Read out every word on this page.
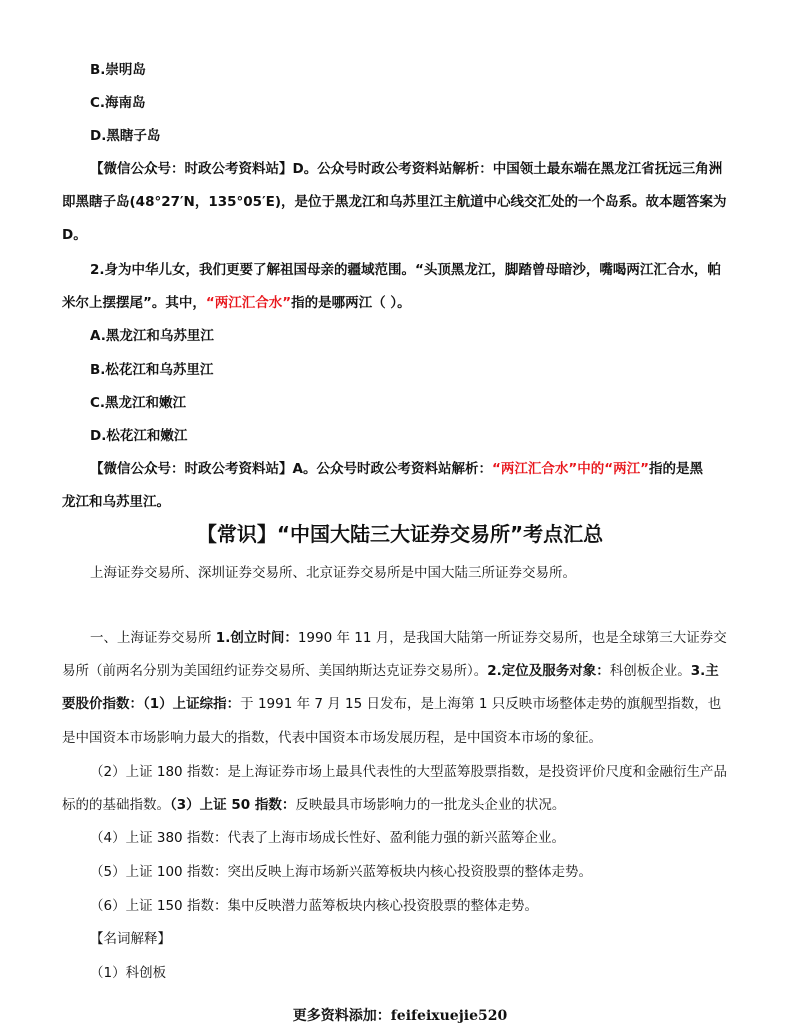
B.崇明岛
C.海南岛
D.黑瞎子岛
【微信公众号：时政公考资料站】D。公众号时政公考资料站解析：中国领土最东端在黑龙江省抚远三角洲
即黑瞎子岛(48°27′N，135°05′E)，是位于黑龙江和乌苏里江主航道中心线交汇处的一个岛系。故本题答案为
D。
2.身为中华儿女，我们更要了解祖国母亲的疆域范围。“头顶黑龙江，脚踏曾母暗沙，嘴喝两江汇合水，帕
米尔上摆摆尾”。其中，“两江汇合水”指的是哪两江（ ）。
A.黑龙江和乌苏里江
B.松花江和乌苏里江
C.黑龙江和嫩江
D.松花江和嫩江
【微信公众号：时政公考资料站】A。公众号时政公考资料站解析：“两江汇合水”中的“两江”指的是黑
龙江和乌苏里江。
【常识】“中国大陆三大证券交易所”考点汇总
上海证券交易所、深圳证券交易所、北京证券交易所是中国大陆三所证券交易所。
一、上海证券交易所 1.创立时间：1990 年 11 月，是我国大陆第一所证券交易所，也是全球第三大证券交
易所（前两名分别为美国纽约证券交易所、美国纳斯达克证券交易所）。2.定位及服务对象：科创板企业。3.主
要股价指数：（1）上证综指：于 1991 年 7 月 15 日发布，是上海第 1 只反映市场整体走势的旗舰型指数，也
是中国资本市场影响力最大的指数，代表中国资本市场发展历程，是中国资本市场的象征。
（2）上证 180 指数：是上海证券市场上最具代表性的大型蓝筹股票指数，是投资评价尺度和金融衍生产品
标的的基础指数。（3）上证 50 指数：反映最具市场影响力的一批龙头企业的状况。
（4）上证 380 指数：代表了上海市场成长性好、盈利能力强的新兴蓝筹企业。
（5）上证 100 指数：突出反映上海市场新兴蓝筹板块内核心投资股票的整体走势。
（6）上证 150 指数：集中反映潜力蓝筹板块内核心投资股票的整体走势。
【名词解释】
（1）科创板
更多资料添加：feifeixuejie520
